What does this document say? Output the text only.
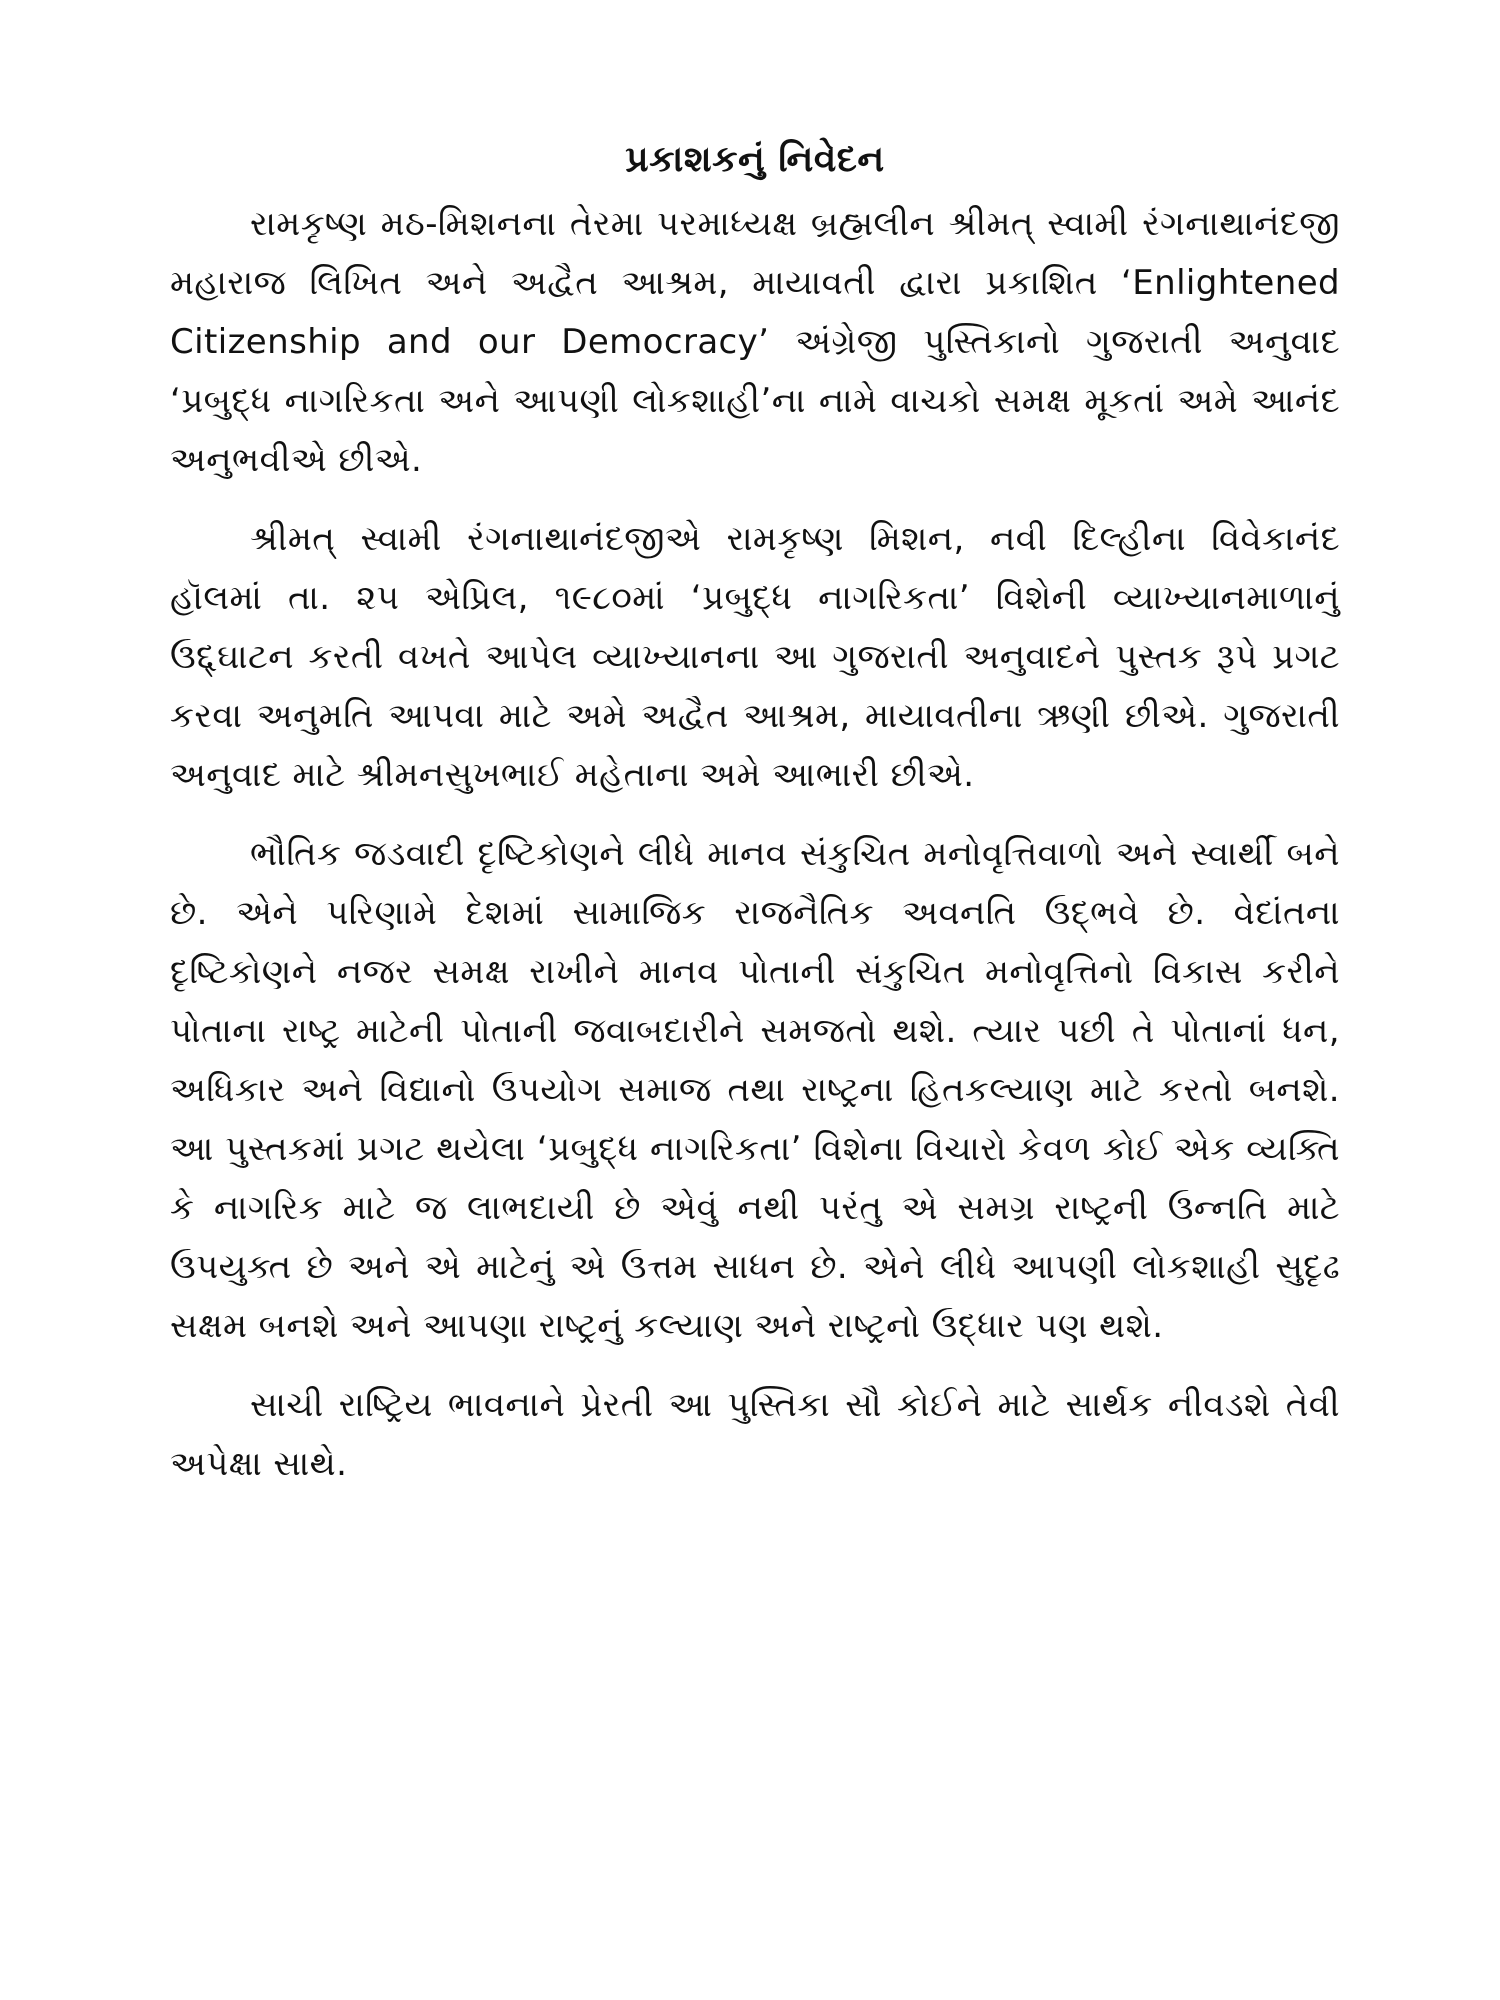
પ્રકાશકનું નિવેદન

રામકૃષ્ણ મઠ-મિશનના તેરમા પરમાધ્યક્ષ બ્રહ્મલીન શ્રીમત્ સ્વામી રંગનાથાનંદજી મહારાજ લિખિત અને અદ્વૈત આશ્રમ, માયાવતી દ્વારા પ્રકાશિત ‘Enlightened Citizenship and our Democracy’ અંગ્રેજી પુસ્તિકાનો ગુજરાતી અનુવાદ ‘પ્રબુદ્ધ નાગરિકતા અને આપણી લોકશાહી’ના નામે વાચકો સમક્ષ મૂકતાં અમે આનંદ અનુભવીએ છીએ.

શ્રીમત્ સ્વામી રંગનાથાનંદજીએ રામકૃષ્ણ મિશન, નવી દિલ્હીના વિવેકાનંદ હૉલમાં તા. ૨૫ એપ્રિલ, ૧૯૮૦માં ‘પ્રબુદ્ધ નાગરિકતા’ વિશેની વ્યાખ્યાનમાળાનું ઉદ્દ્ઘાટન કરતી વખતે આપેલ વ્યાખ્યાનના આ ગુજરાતી અનુવાદને પુસ્તક રૂપે પ્રગટ કરવા અનુમતિ આપવા માટે અમે અદ્વૈત આશ્રમ, માયાવતીના ઋણી છીએ. ગુજરાતી અનુવાદ માટે શ્રીમનસુખભાઈ મહેતાના અમે આભારી છીએ.

ભૌતિક જડવાદી દૃષ્ટિકોણને લીધે માનવ સંકુચિત મનોવૃત્તિવાળો અને સ્વાર્થી બને છે. એને પરિણામે દેશમાં સામાજિક રાજનૈતિક અવનતિ ઉદ્ભવે છે. વેદાંતના દૃષ્ટિકોણને નજર સમક્ષ રાખીને માનવ પોતાની સંકુચિત મનોવૃત્તિનો વિકાસ કરીને પોતાના રાષ્ટ્ર માટેની પોતાની જવાબદારીને સમજતો થશે. ત્યાર પછી તે પોતાનાં ધન, અધિકાર અને વિદ્યાનો ઉપયોગ સમાજ તથા રાષ્ટ્રના હિતકલ્યાણ માટે કરતો બનશે. આ પુસ્તકમાં પ્રગટ થયેલા ‘પ્રબુદ્ધ નાગરિકતા’ વિશેના વિચારો કેવળ કોઈ એક વ્યક્તિ કે નાગરિક માટે જ લાભદાયી છે એવું નથી પરંતુ એ સમગ્ર રાષ્ટ્રની ઉન્નતિ માટે ઉપયુક્ત છે અને એ માટેનું એ ઉત્તમ સાધન છે. એને લીધે આપણી લોકશાહી સુદૃઢ સક્ષમ બનશે અને આપણા રાષ્ટ્રનું કલ્યાણ અને રાષ્ટ્રનો ઉદ્ધાર પણ થશે.

સાચી રાષ્ટ્રિય ભાવનાને પ્રેરતી આ પુસ્તિકા સૌ કોઈને માટે સાર્થક નીવડશે તેવી અપેક્ષા સાથે.
